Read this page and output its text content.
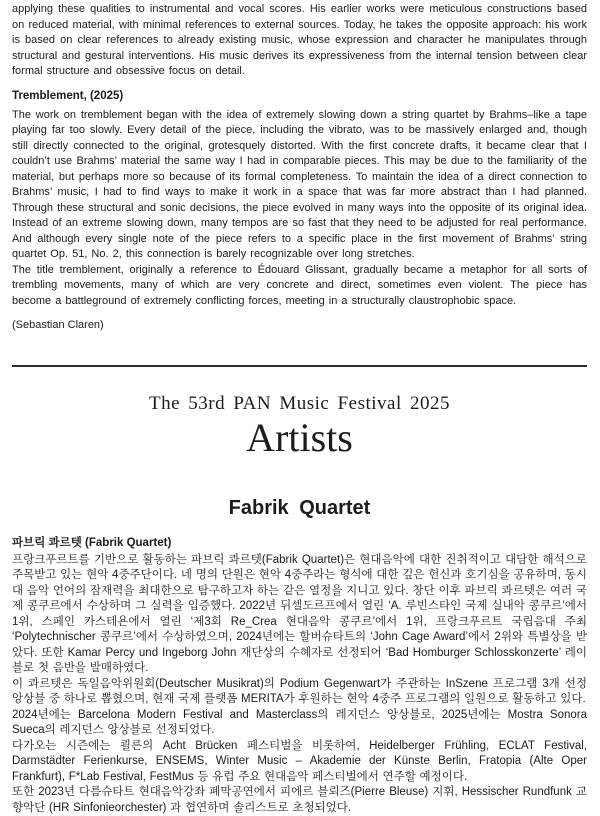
applying these qualities to instrumental and vocal scores. His earlier works were meticulous constructions based on reduced material, with minimal references to external sources. Today, he takes the opposite approach: his work is based on clear references to already existing music, whose expression and character he manipulates through structural and gestural interventions. His music derives its expressiveness from the internal tension between clear formal structure and obsessive focus on detail.

Tremblement, (2025)

The work on tremblement began with the idea of extremely slowing down a string quartet by Brahms–like a tape playing far too slowly. Every detail of the piece, including the vibrato, was to be massively enlarged and, though still directly connected to the original, grotesquely distorted. With the first concrete drafts, it became clear that I couldn’t use Brahms’ material the same way I had in comparable pieces. This may be due to the familiarity of the material, but perhaps more so because of its formal completeness. To maintain the idea of a direct connection to Brahms’ music, I had to find ways to make it work in a space that was far more abstract than I had planned. Through these structural and sonic decisions, the piece evolved in many ways into the opposite of its original idea. Instead of an extreme slowing down, many tempos are so fast that they need to be adjusted for real performance. And although every single note of the piece refers to a specific place in the first movement of Brahms’ string quartet Op. 51, No. 2, this connection is barely recognizable over long stretches.

The title tremblement, originally a reference to Édouard Glissant, gradually became a metaphor for all sorts of trembling movements, many of which are very concrete and direct, sometimes even violent. The piece has become a battleground of extremely conflicting forces, meeting in a structurally claustrophobic space.

(Sebastian Claren)

The 53rd PAN Music Festival 2025
Artists
Fabrik Quartet
파브릭 콰르텟 (Fabrik Quartet)

프랑크푸르트를 기반으로 활동하는 파브릭 콰르텟(Fabrik Quartet)은 현대음악에 대한 진취적이고 대담한 해석으로 주목받고 있는 현악 4중주단이다. 네 명의 단원은 현악 4중주라는 형식에 대한 깊은 헌신과 호기심을 공유하며, 동시대 음악 언어의 잠재력을 최대한으로 탐구하고자 하는 같은 열정을 지니고 있다. 창단 이후 파브릭 콰르텟은 여러 국제 콩쿠르에서 수상하며 그 실력을 입증했다. 2022년 뒤셀도르프에서 열린 ‘A. 루빈스타인 국제 실내악 콩쿠르’에서 1위, 스페인 카스테욘에서 열린 ‘제3회 Re_Crea 현대음악 콩쿠르’에서 1위, 프랑크푸르트 국립음대 주최 ‘Polytechnischer 콩쿠르’에서 수상하였으며, 2024년에는 할버슈타트의 ‘John Cage Award’에서 2위와 특별상을 받았다. 또한 Kamar Percy und Ingeborg John 재단상의 수혜자로 선정되어 ‘Bad Homburger Schlosskonzerte’ 레이블로 첫 음반을 발매하였다.

이 콰르텟은 독일음악위원회(Deutscher Musikrat)의 Podium Gegenwart가 주관하는 InSzene 프로그램 3개 선정 앙상블 중 하나로 뽑혔으며, 현재 국제 플랫폼 MERITA가 후원하는 현악 4중주 프로그램의 일원으로 활동하고 있다.

2024년에는 Barcelona Modern Festival and Masterclass의 레지던스 앙상블로, 2025년에는 Mostra Sonora Sueca의 레지던스 앙상블로 선정되었다.

다가오는 시즌에는 쾰른의 Acht Brücken 페스티벌을 비롯하여, Heidelberger Frühling, ECLAT Festival, Darmstädter Ferienkurse, ENSEMS, Winter Music – Akademie der Künste Berlin, Fratopia (Alte Oper Frankfurt), F*Lab Festival, FestMus 등 유럽 주요 현대음악 페스티벌에서 연주할 예정이다.

또한 2023년 다름슈타트 현대음악강좌 폐막공연에서 피에르 블뢰즈(Pierre Bleuse) 지휘, Hessischer Rundfunk 교향악단 (HR Sinfonieorchester) 과 협연하며 솔리스트로 초청되었다.
